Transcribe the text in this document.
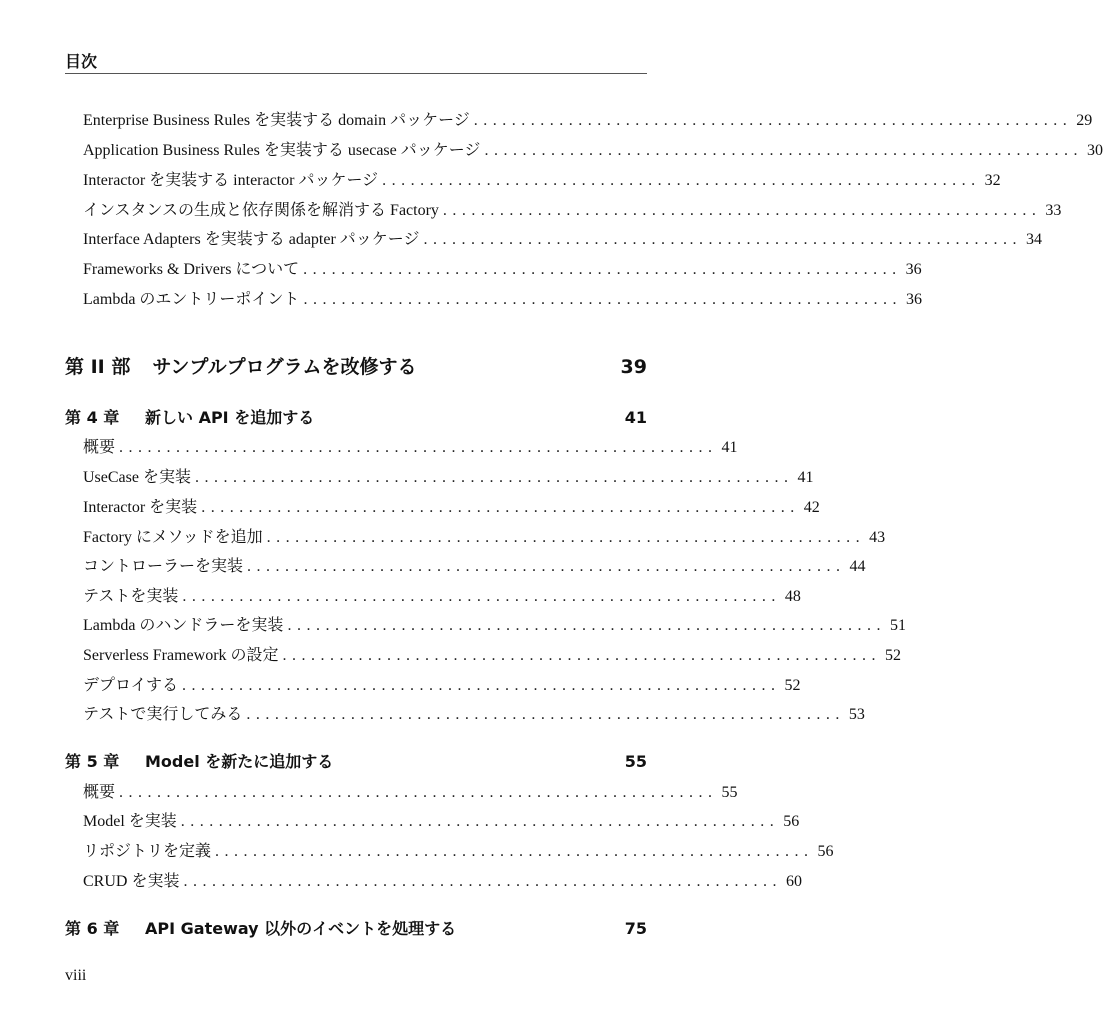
目次
Enterprise Business Rules を実装する domain パッケージ ............................................................... 29
Application Business Rules を実装する usecase パッケージ ............................................................... 30
Interactor を実装する interactor パッケージ ............................................................... 32
インスタンスの生成と依存関係を解消する Factory ............................................................... 33
Interface Adapters を実装する adapter パッケージ ............................................................... 34
Frameworks & Drivers について ............................................................... 36
Lambda のエントリーポイント ............................................................... 36
第 II 部 サンプルプログラムを改修する	39
第 4 章	新しい API を追加する	41
概要 ............................................................... 41
UseCase を実装 ............................................................... 41
Interactor を実装 ............................................................... 42
Factory にメソッドを追加 ............................................................... 43
コントローラーを実装 ............................................................... 44
テストを実装 ............................................................... 48
Lambda のハンドラーを実装 ............................................................... 51
Serverless Framework の設定 ............................................................... 52
デプロイする ............................................................... 52
テストで実行してみる ............................................................... 53
第 5 章	Model を新たに追加する	55
概要 ............................................................... 55
Model を実装 ............................................................... 56
リポジトリを定義 ............................................................... 56
CRUD を実装 ............................................................... 60
第 6 章	API Gateway 以外のイベントを処理する	75
viii
